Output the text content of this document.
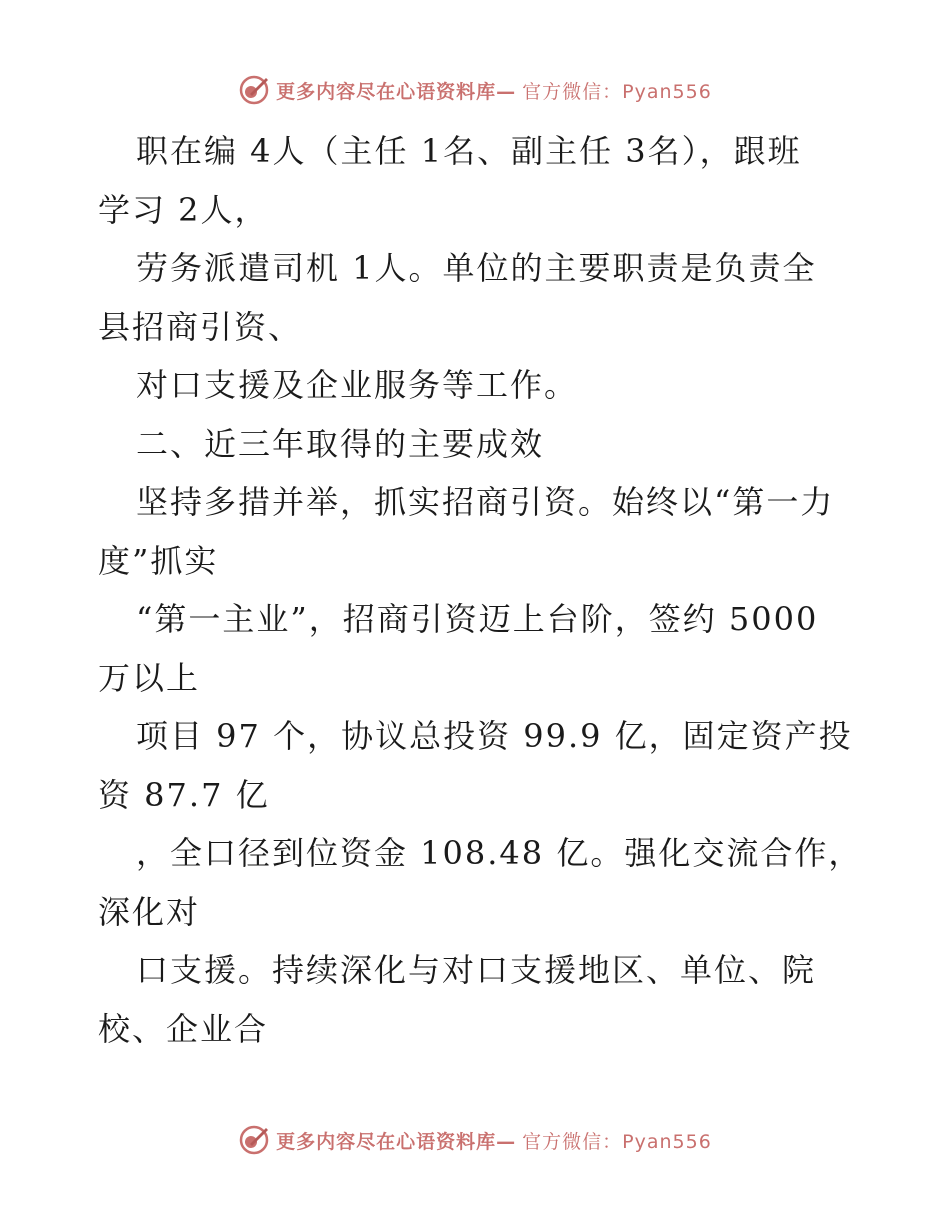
更多内容尽在心语资料库— 官方微信：Pyan556
职在编 4人（主任 1名、副主任 3名），跟班
学习 2人，
劳务派遣司机 1人。单位的主要职责是负责全
县招商引资、
对口支援及企业服务等工作。
二、近三年取得的主要成效
坚持多措并举，抓实招商引资。始终以“第一力
度”抓实
“第一主业”，招商引资迈上台阶，签约 5000
万以上
项目 97 个，协议总投资 99.9 亿，固定资产投
资 87.7 亿
，全口径到位资金 108.48 亿。强化交流合作，
深化对
口支援。持续深化与对口支援地区、单位、院
校、企业合
更多内容尽在心语资料库— 官方微信：Pyan556
